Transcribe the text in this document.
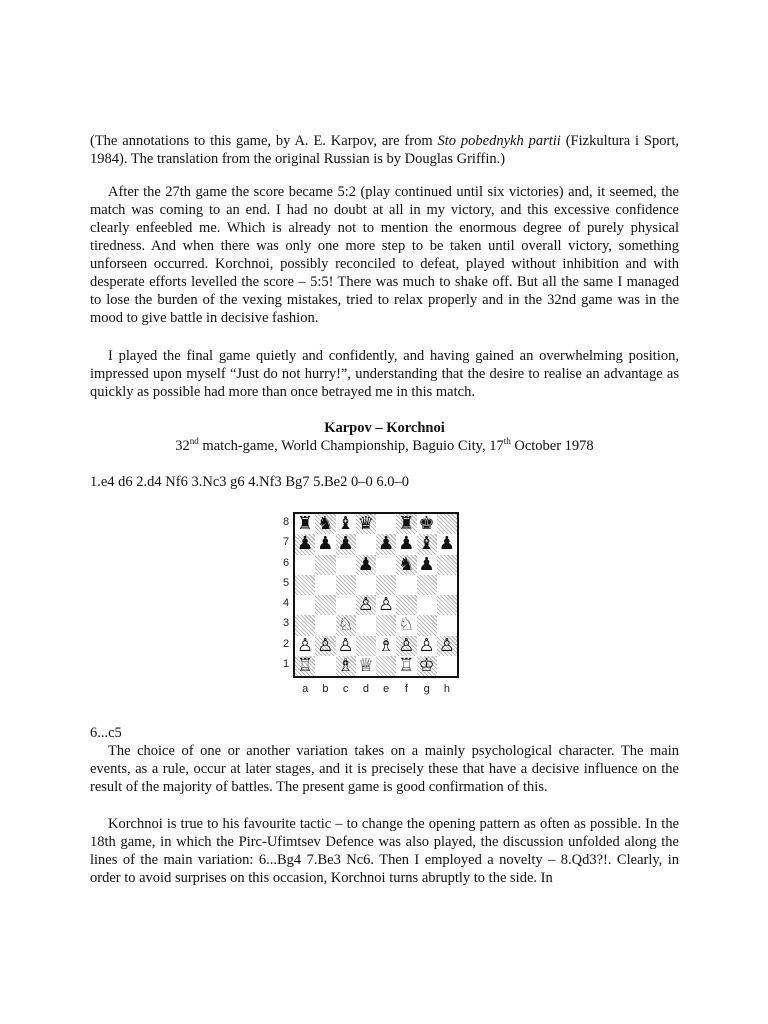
(The annotations to this game, by A. E. Karpov, are from Sto pobednykh partii (Fizkultura i Sport, 1984). The translation from the original Russian is by Douglas Griffin.)

After the 27th game the score became 5:2 (play continued until six victories) and, it seemed, the match was coming to an end. I had no doubt at all in my victory, and this excessive confidence clearly enfeebled me. Which is already not to mention the enormous degree of purely physical tiredness. And when there was only one more step to be taken until overall victory, something unforseen occurred. Korchnoi, possibly reconciled to defeat, played without inhibition and with desperate efforts levelled the score – 5:5! There was much to shake off. But all the same I managed to lose the burden of the vexing mistakes, tried to relax properly and in the 32nd game was in the mood to give battle in decisive fashion.

I played the final game quietly and confidently, and having gained an overwhelming position, impressed upon myself “Just do not hurry!”, understanding that the desire to realise an advantage as quickly as possible had more than once betrayed me in this match.

Karpov – Korchnoi

32nd match-game, World Championship, Baguio City, 17th October 1978

1.e4 d6 2.d4 Nf6 3.Nc3 g6 4.Nf3 Bg7 5.Be2 0–0 6.0–0

8
7
6
5
4
3
2
1
♜ ♞ ♝ ♛ ♜ ♚
♟ ♟ ♟ ♟ ♟ ♝ ♟
♟ ♞ ♟
♙ ♙
♘ ♘
♙ ♙ ♙ ♗ ♙ ♙ ♙
♖ ♗ ♕ ♖ ♔
a	b	c	d	e	f	g	h

6...c5

The choice of one or another variation takes on a mainly psychological character. The main events, as a rule, occur at later stages, and it is precisely these that have a decisive influence on the result of the majority of battles. The present game is good confirmation of this.

Korchnoi is true to his favourite tactic – to change the opening pattern as often as possible. In the 18th game, in which the Pirc-Ufimtsev Defence was also played, the discussion unfolded along the lines of the main variation: 6...Bg4 7.Be3 Nc6. Then I employed a novelty – 8.Qd3?!. Clearly, in order to avoid surprises on this occasion, Korchnoi turns abruptly to the side. In
